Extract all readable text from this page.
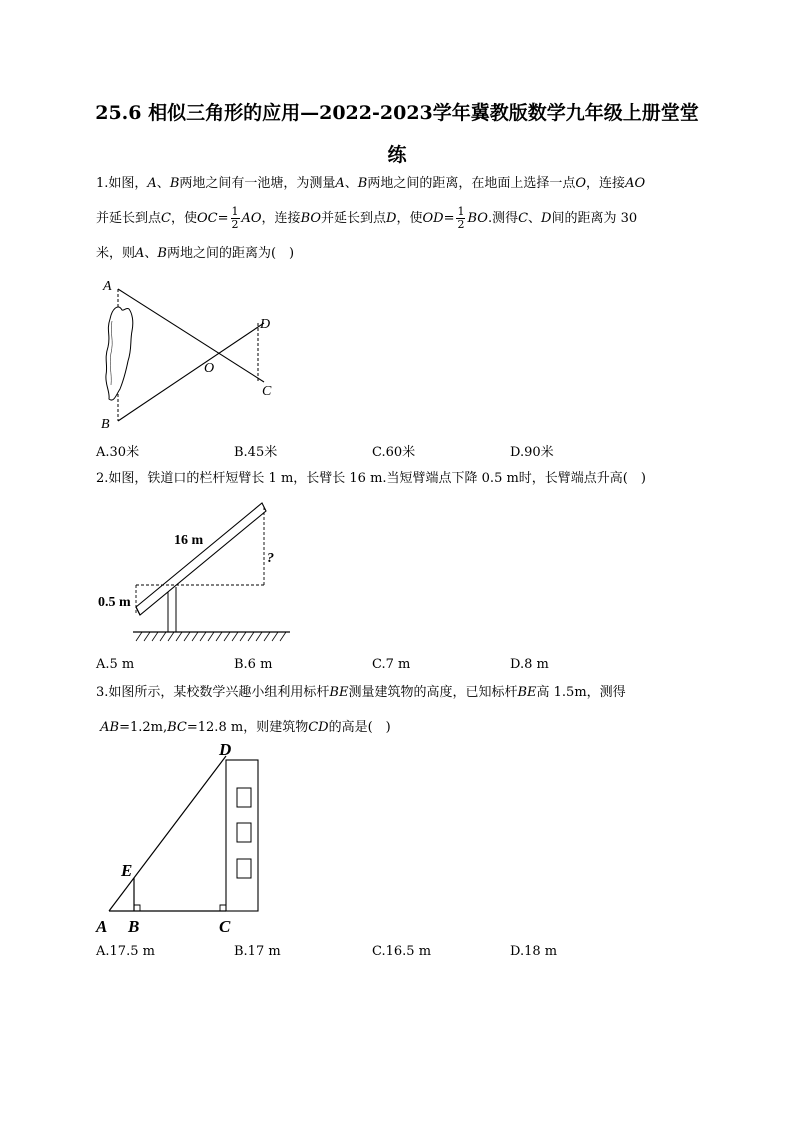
25.6 相似三角形的应用—2022-2023学年冀教版数学九年级上册堂堂
练
1.如图，A、B两地之间有一池塘，为测量A、B两地之间的距离，在地面上选择一点O，连接AO
并延长到点C，使$OC= \frac{1}{2}$ AO，连接BO并延长到点D，使$OD= \frac{1}{2}$ BO.测得C、D间的距离为 30
米，则A、B两地之间的距离为(　)
A
B
O
D
C
A.30米	B.45米	C.60米	D.90米
2.如图，铁道口的栏杆短臂长 1 m，长臂长 16 m.当短臂端点下降 0.5 m时，长臂端点升高(　)
16 m
0.5 m
?
A.5 m	B.6 m	C.7 m	D.8 m
3.如图所示，某校数学兴趣小组利用标杆BE测量建筑物的高度，已知标杆BE高 1.5m，测得
AB=1.2m,BC=12.8 m，则建筑物CD的高是(　)
A B	C
D
E
A.17.5 m	B.17 m	C.16.5 m	D.18 m
